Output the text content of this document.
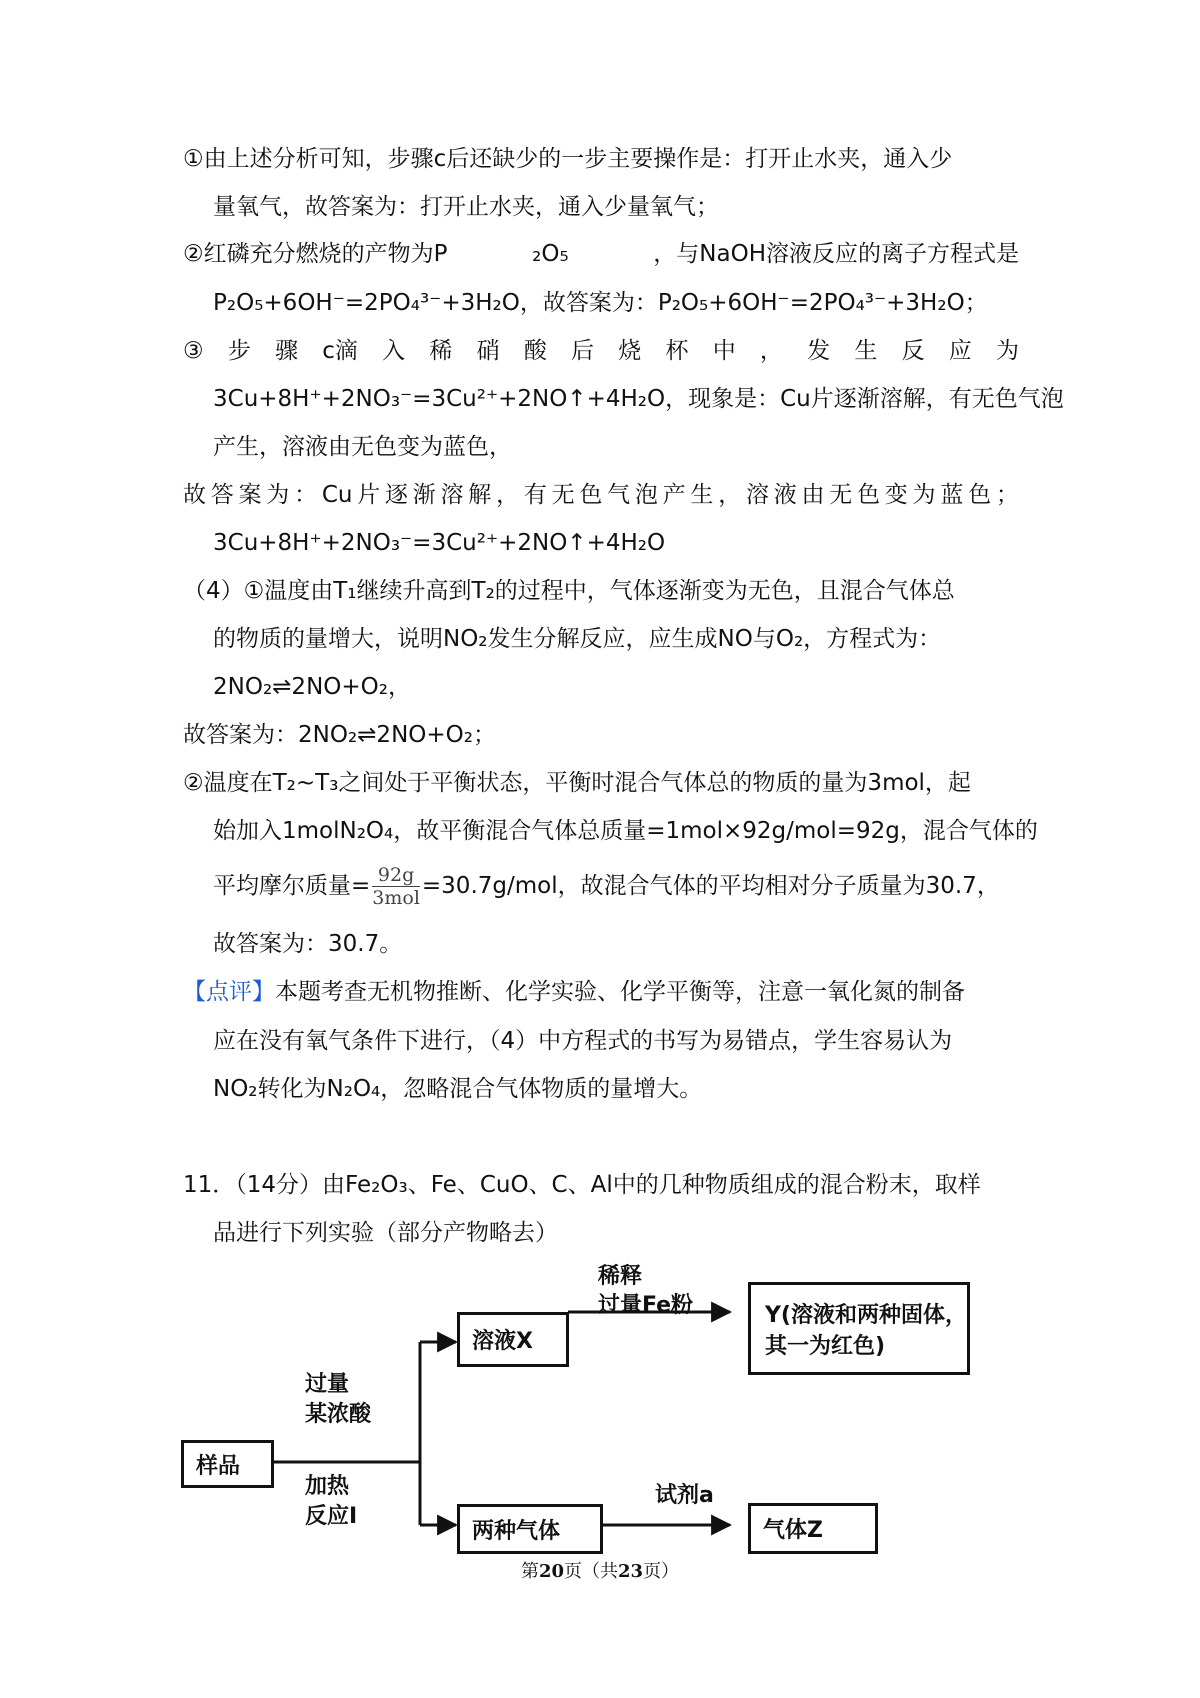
①由上述分析可知，步骤c后还缺少的一步主要操作是：打开止水夹，通入少
量氧气，故答案为：打开止水夹，通入少量氧气；
②红磷充分燃烧的产物为P	₂O₅	，与NaOH溶液反应的离子方程式是
P₂O₅+6OH⁻=2PO₄³⁻+3H₂O，故答案为：P₂O₅+6OH⁻=2PO₄³⁻+3H₂O；
③ 步 骤 c滴 入 稀 硝 酸 后 烧 杯 中 ， 发 生 反 应 为
3Cu+8H⁺+2NO₃⁻=3Cu²⁺+2NO↑+4H₂O，现象是：Cu片逐渐溶解，有无色气泡
产生，溶液由无色变为蓝色，
故 答 案 为 ： Cu 片 逐 渐 溶 解 ， 有 无 色 气 泡 产 生 ， 溶 液 由 无 色 变 为 蓝 色 ；
3Cu+8H⁺+2NO₃⁻=3Cu²⁺+2NO↑+4H₂O
（4）①温度由T₁继续升高到T₂的过程中，气体逐渐变为无色，且混合气体总
的物质的量增大，说明NO₂发生分解反应，应生成NO与O₂，方程式为：
2NO₂⇌2NO+O₂，
故答案为：2NO₂⇌2NO+O₂；
②温度在T₂~T₃之间处于平衡状态，平衡时混合气体总的物质的量为3mol，起
始加入1molN₂O₄，故平衡混合气体总质量=1mol×92g/mol=92g，混合气体的
平均摩尔质量= $\frac{92g}{\text{3mol}} =30.7g/mol$，故混合气体的平均相对分子质量为30.7，
故答案为：30.7。
【点评】本题考查无机物推断、化学实验、化学平衡等，注意一氧化氮的制备
应在没有氧气条件下进行，（4）中方程式的书写为易错点，学生容易认为
NO₂转化为N₂O₄，忽略混合气体物质的量增大。
11．（14分）由Fe₂O₃、Fe、CuO、C、Al中的几种物质组成的混合粉末，取样
品进行下列实验（部分产物略去）
样品
溶液X
Y(溶液和两种固体，
其一为红色)
两种气体	气体Z
过量
某浓酸
加热
反应Ⅰ
稀释
过量Fe粉
试剂a
第20页（共23页）
